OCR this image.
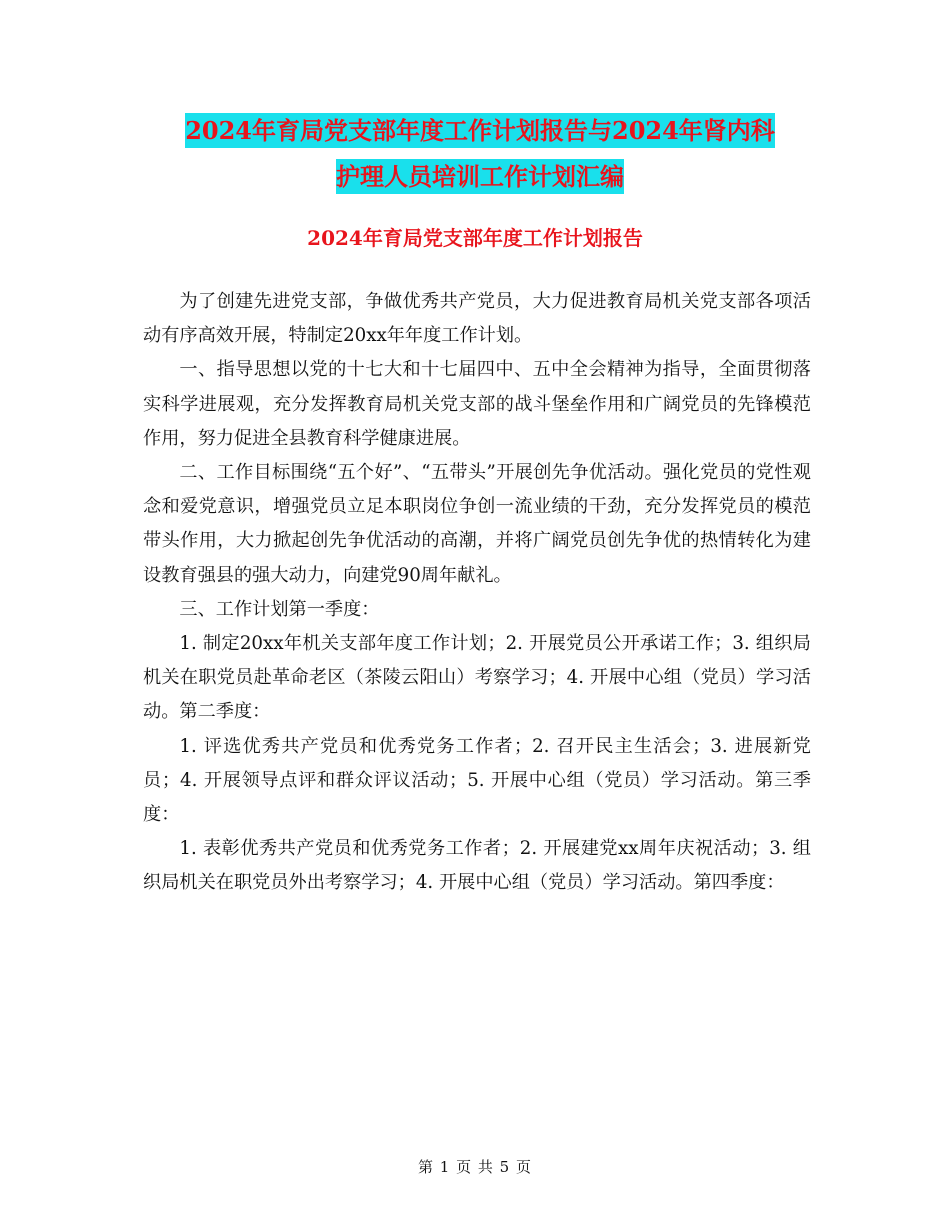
2024年育局党支部年度工作计划报告与2024年肾内科
护理人员培训工作计划汇编
2024年育局党支部年度工作计划报告

为了创建先进党支部，争做优秀共产党员，大力促进教育局机关党支部各项活动有序高效开展，特制定20xx年年度工作计划。

一、指导思想以党的十七大和十七届四中、五中全会精神为指导，全面贯彻落实科学进展观，充分发挥教育局机关党支部的战斗堡垒作用和广阔党员的先锋模范作用，努力促进全县教育科学健康进展。

二、工作目标围绕“五个好”、“五带头”开展创先争优活动。强化党员的党性观念和爱党意识，增强党员立足本职岗位争创一流业绩的干劲，充分发挥党员的模范带头作用，大力掀起创先争优活动的高潮，并将广阔党员创先争优的热情转化为建设教育强县的强大动力，向建党90周年献礼。

三、工作计划第一季度：

1. 制定20xx年机关支部年度工作计划；2. 开展党员公开承诺工作；3. 组织局机关在职党员赴革命老区（茶陵云阳山）考察学习；4. 开展中心组（党员）学习活动。第二季度：

1. 评选优秀共产党员和优秀党务工作者；2. 召开民主生活会；3. 进展新党员；4. 开展领导点评和群众评议活动；5. 开展中心组（党员）学习活动。第三季度：

1. 表彰优秀共产党员和优秀党务工作者；2. 开展建党xx周年庆祝活动；3. 组织局机关在职党员外出考察学习；4. 开展中心组（党员）学习活动。第四季度：

第 1 页 共 5 页
